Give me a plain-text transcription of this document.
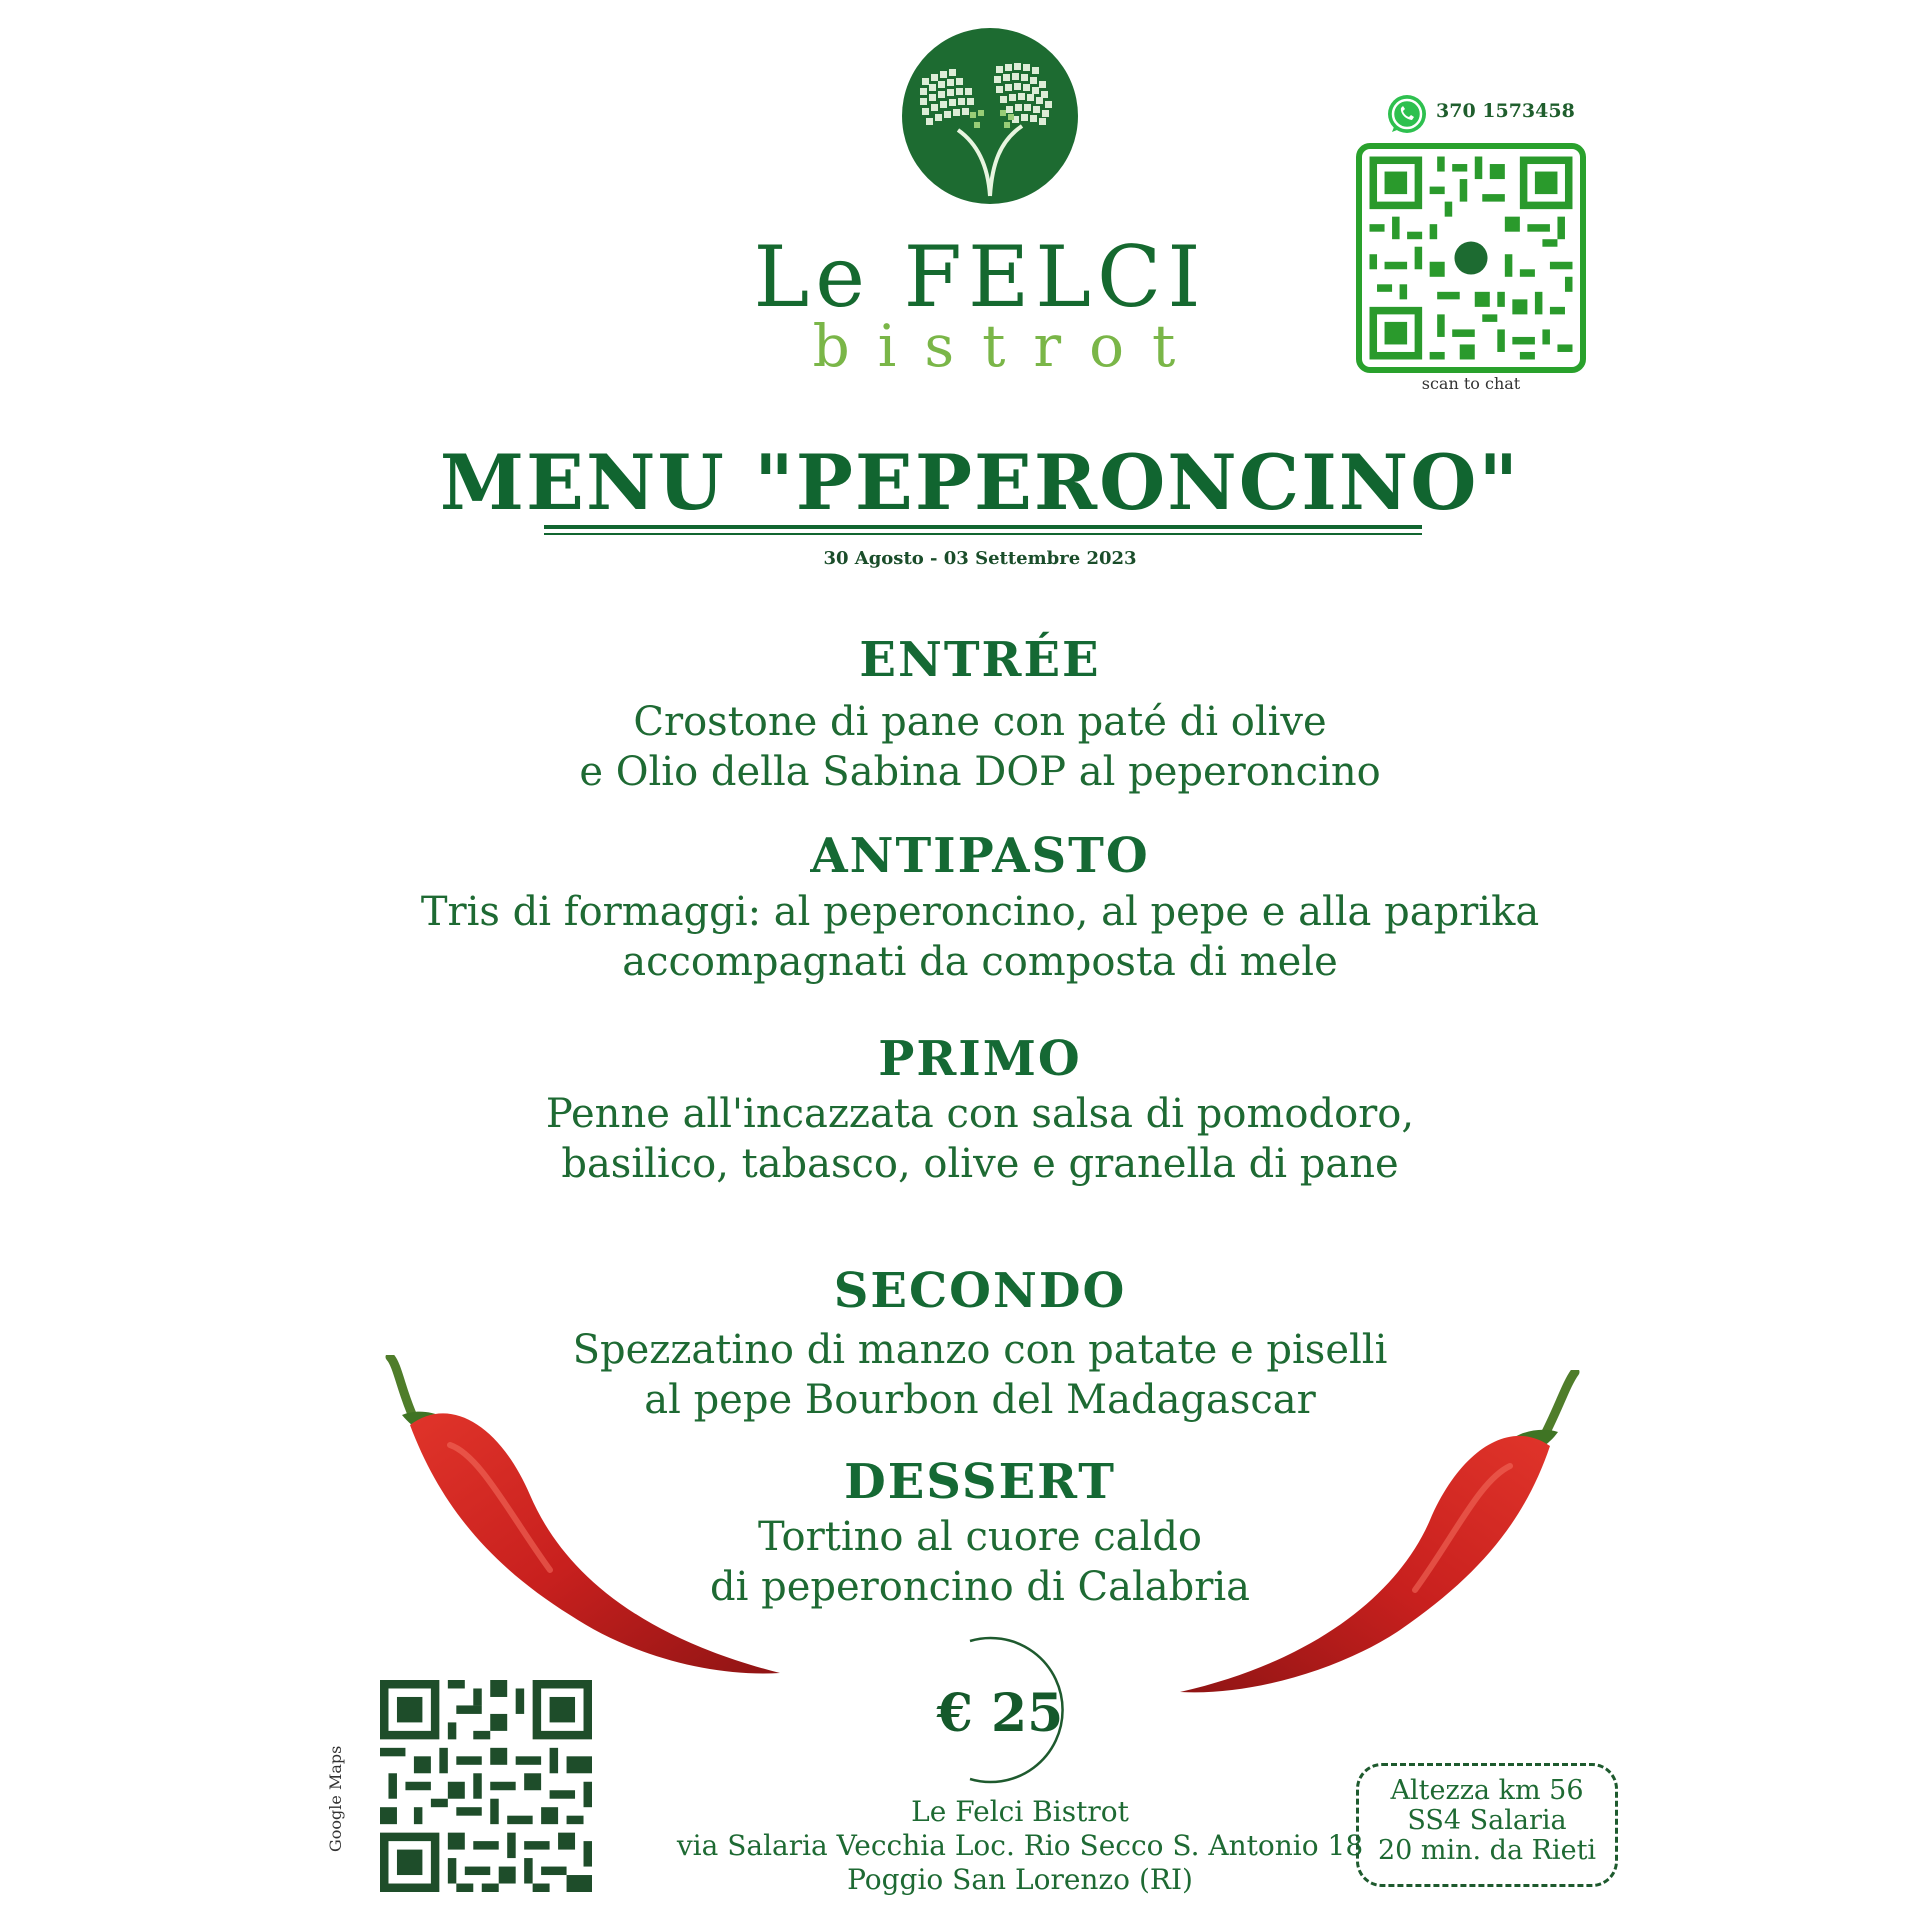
Le FELCI
bistrot
370 1573458
scan to chat
MENU "PEPERONCINO"
30 Agosto - 03 Settembre 2023
ENTRÉE
Crostone di pane con paté di olive
e Olio della Sabina DOP al peperoncino
ANTIPASTO
Tris di formaggi: al peperoncino, al pepe e alla paprika
accompagnati da composta di mele
PRIMO
Penne all'incazzata con salsa di pomodoro,
basilico, tabasco, olive e granella di pane
SECONDO
Spezzatino di manzo con patate e piselli
al pepe Bourbon del Madagascar
DESSERT
Tortino al cuore caldo
di peperoncino di Calabria
€ 25
Le Felci Bistrot
via Salaria Vecchia Loc. Rio Secco S. Antonio 18
Poggio San Lorenzo (RI)
Google Maps	Altezza km 56
SS4 Salaria
20 min. da Rieti
